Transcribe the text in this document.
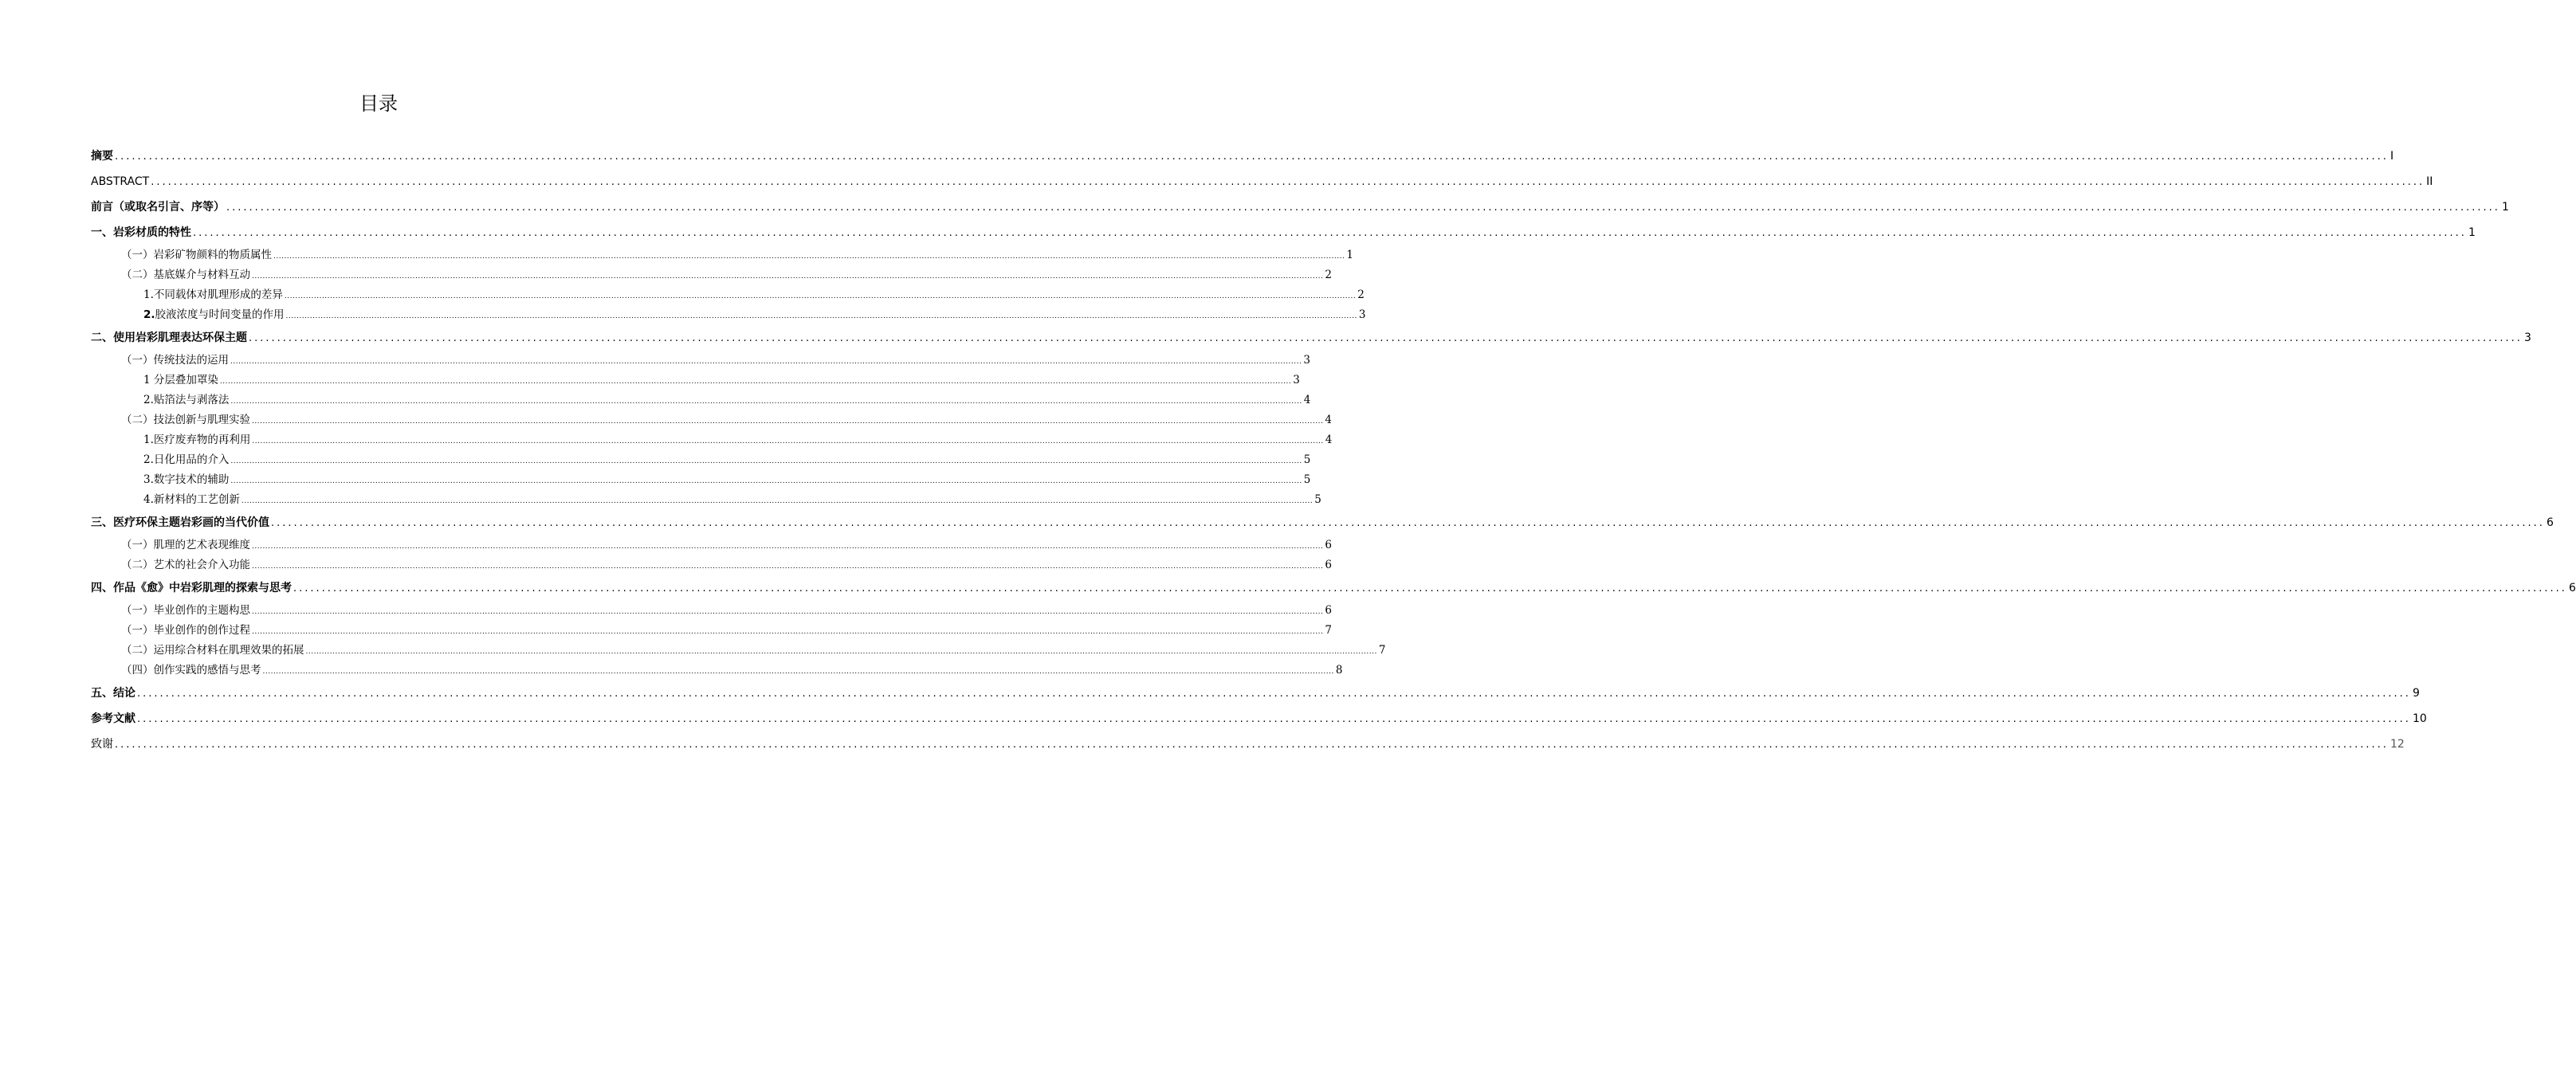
目录
摘要 ................................................................................................................................................................................................................................................................................................................................................................................................................ I
ABSTRACT ................................................................................................................................................................................................................................................................................................................................................................................................................ II
前言（或取名引言、序等） ................................................................................................................................................................................................................................................................................................................................................................................................................ 1
一、岩彩材质的特性 ................................................................................................................................................................................................................................................................................................................................................................................................................ 1
（一）岩彩矿物颜料的物质属性 ................................................................................................................................................................................................................................................................................................................................................................................................................ 1
（二）基底媒介与材料互动 ................................................................................................................................................................................................................................................................................................................................................................................................................ 2
1.不同载体对肌理形成的差异 ................................................................................................................................................................................................................................................................................................................................................................................................................ 2
2.胶液浓度与时间变量的作用 ................................................................................................................................................................................................................................................................................................................................................................................................................ 3
二、使用岩彩肌理表达环保主题 ................................................................................................................................................................................................................................................................................................................................................................................................................ 3
（一）传统技法的运用 ................................................................................................................................................................................................................................................................................................................................................................................................................ 3
1 分层叠加罩染 ................................................................................................................................................................................................................................................................................................................................................................................................................ 3
2.贴箔法与剥落法 ................................................................................................................................................................................................................................................................................................................................................................................................................ 4
（二）技法创新与肌理实验 ................................................................................................................................................................................................................................................................................................................................................................................................................ 4
1.医疗废弃物的再利用 ................................................................................................................................................................................................................................................................................................................................................................................................................ 4
2.日化用品的介入 ................................................................................................................................................................................................................................................................................................................................................................................................................ 5
3.数字技术的辅助 ................................................................................................................................................................................................................................................................................................................................................................................................................ 5
4.新材料的工艺创新 ................................................................................................................................................................................................................................................................................................................................................................................................................ 5
三、医疗环保主题岩彩画的当代价值 ................................................................................................................................................................................................................................................................................................................................................................................................................ 6
（一）肌理的艺术表现维度 ................................................................................................................................................................................................................................................................................................................................................................................................................ 6
（二）艺术的社会介入功能 ................................................................................................................................................................................................................................................................................................................................................................................................................ 6
四、作品《愈》中岩彩肌理的探索与思考 ................................................................................................................................................................................................................................................................................................................................................................................................................ 6
（一）毕业创作的主题构思 ................................................................................................................................................................................................................................................................................................................................................................................................................ 6
（一）毕业创作的创作过程 ................................................................................................................................................................................................................................................................................................................................................................................................................ 7
（二）运用综合材料在肌理效果的拓展 ................................................................................................................................................................................................................................................................................................................................................................................................................ 7
（四）创作实践的感悟与思考 ................................................................................................................................................................................................................................................................................................................................................................................................................ 8
五、结论 ................................................................................................................................................................................................................................................................................................................................................................................................................ 9
参考文献 ................................................................................................................................................................................................................................................................................................................................................................................................................ 10
致谢 ................................................................................................................................................................................................................................................................................................................................................................................................................ 12
